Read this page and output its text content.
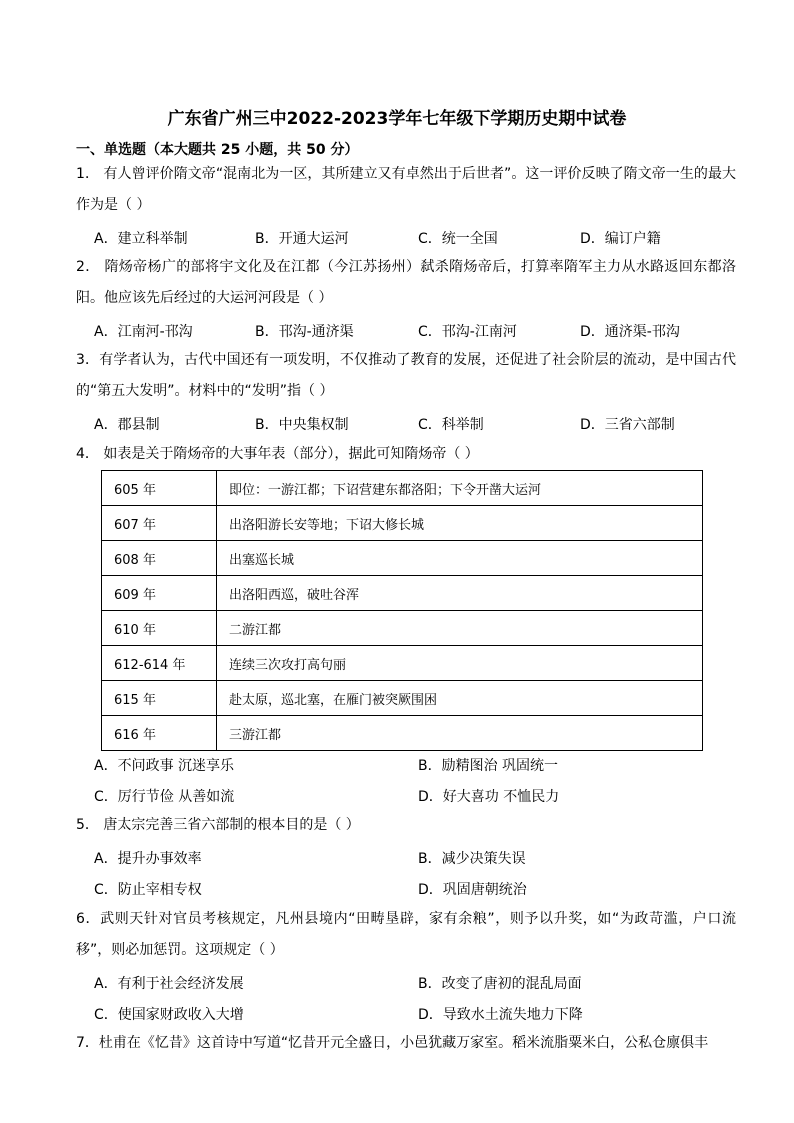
广东省广州三中2022-2023学年七年级下学期历史期中试卷
一、单选题（本大题共 25 小题，共 50 分）
1． 有人曾评价隋文帝“混南北为一区，其所建立又有卓然出于后世者”。这一评价反映了隋文帝一生的最大作为是（ ）
A．建立科举制	B．开通大运河	C．统一全国	D．编订户籍
2． 隋炀帝杨广的部将宇文化及在江都（今江苏扬州）弑杀隋炀帝后，打算率隋军主力从水路返回东都洛阳。他应该先后经过的大运河河段是（ ）
A．江南河-邗沟	B．邗沟-通济渠	C．邗沟-江南河	D．通济渠-邗沟
3．有学者认为，古代中国还有一项发明，不仅推动了教育的发展，还促进了社会阶层的流动，是中国古代的“第五大发明”。材料中的“发明”指（ ）
A．郡县制	B．中央集权制	C．科举制	D．三省六部制
4． 如表是关于隋炀帝的大事年表（部分），据此可知隋炀帝（ ）
605 年	即位：一游江都；下诏营建东都洛阳；下令开凿大运河
607 年	出洛阳游长安等地；下诏大修长城
608 年	出塞巡长城
609 年	出洛阳西巡，破吐谷浑
610 年	二游江都
612-614 年	连续三次攻打高句丽
615 年	赴太原，巡北塞，在雁门被突厥围困
616 年	三游江都
A．不问政事 沉迷享乐	B．励精图治 巩固统一
C．厉行节俭 从善如流	D．好大喜功 不恤民力
5． 唐太宗完善三省六部制的根本目的是（ ）
A．提升办事效率	B．减少决策失误
C．防止宰相专权	D．巩固唐朝统治
6．武则天针对官员考核规定，凡州县境内“田畴垦辟，家有余粮”，则予以升奖，如“为政苛滥，户口流移”，则必加惩罚。这项规定（ ）
A．有利于社会经济发展	B．改变了唐初的混乱局面
C．使国家财政收入大增	D．导致水土流失地力下降
7．杜甫在《忆昔》这首诗中写道“忆昔开元全盛日，小邑犹藏万家室。稻米流脂粟米白，公私仓廪俱丰
